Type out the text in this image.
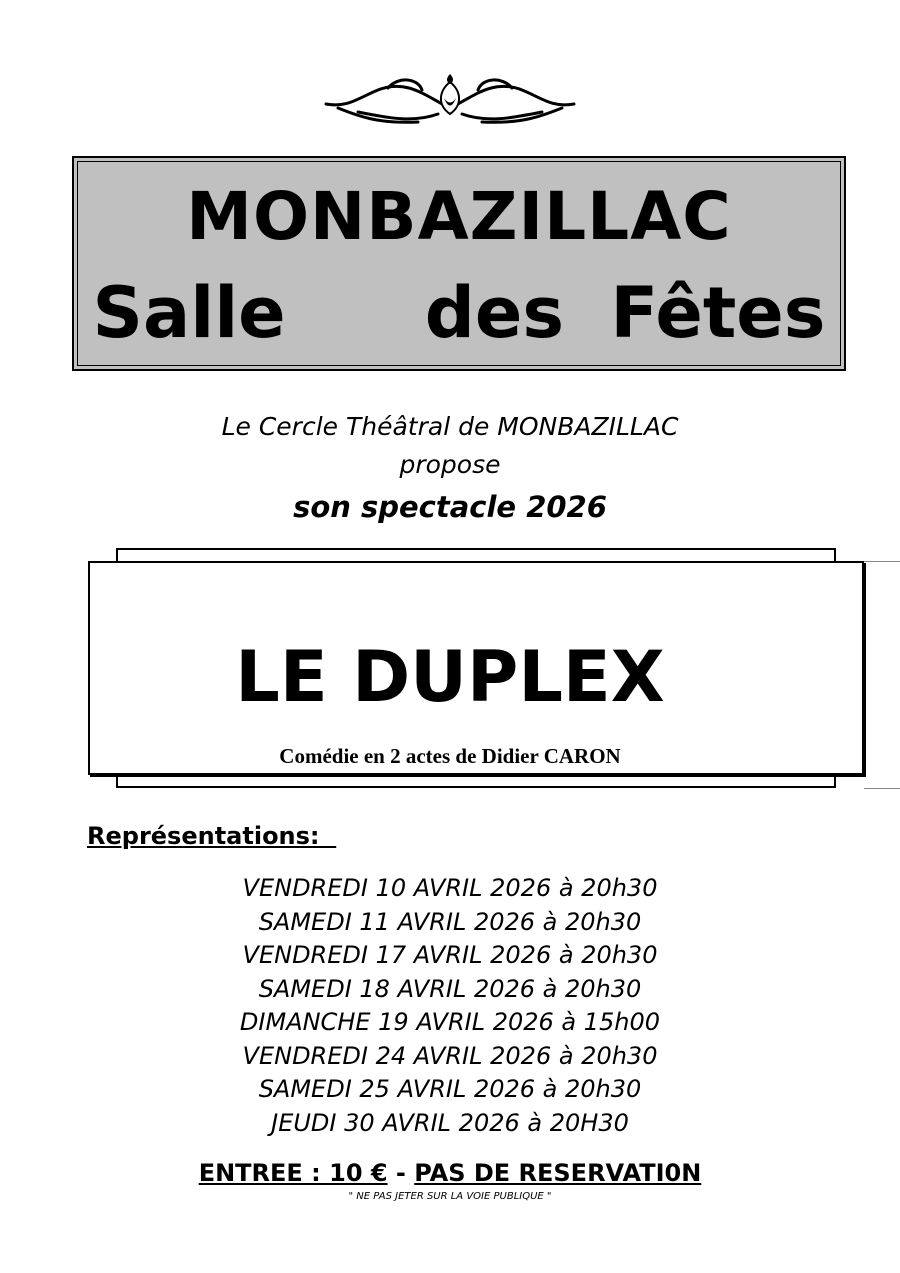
MONBAZILLAC
Salle   des Fêtes
Le Cercle Théâtral de MONBAZILLAC
propose
son spectacle 2026
LE DUPLEX
Comédie en 2 actes de Didier CARON
Représentations:
VENDREDI 10 AVRIL 2026 à 20h30
SAMEDI 11 AVRIL 2026 à 20h30
VENDREDI 17 AVRIL 2026 à 20h30
SAMEDI 18 AVRIL 2026 à 20h30
DIMANCHE 19 AVRIL 2026 à 15h00
VENDREDI 24 AVRIL 2026 à 20h30
SAMEDI 25 AVRIL 2026 à 20h30
JEUDI 30 AVRIL 2026 à 20H30
ENTREE : 10 € - PAS DE RESERVATI0N
" NE PAS JETER SUR LA VOIE PUBLIQUE "
